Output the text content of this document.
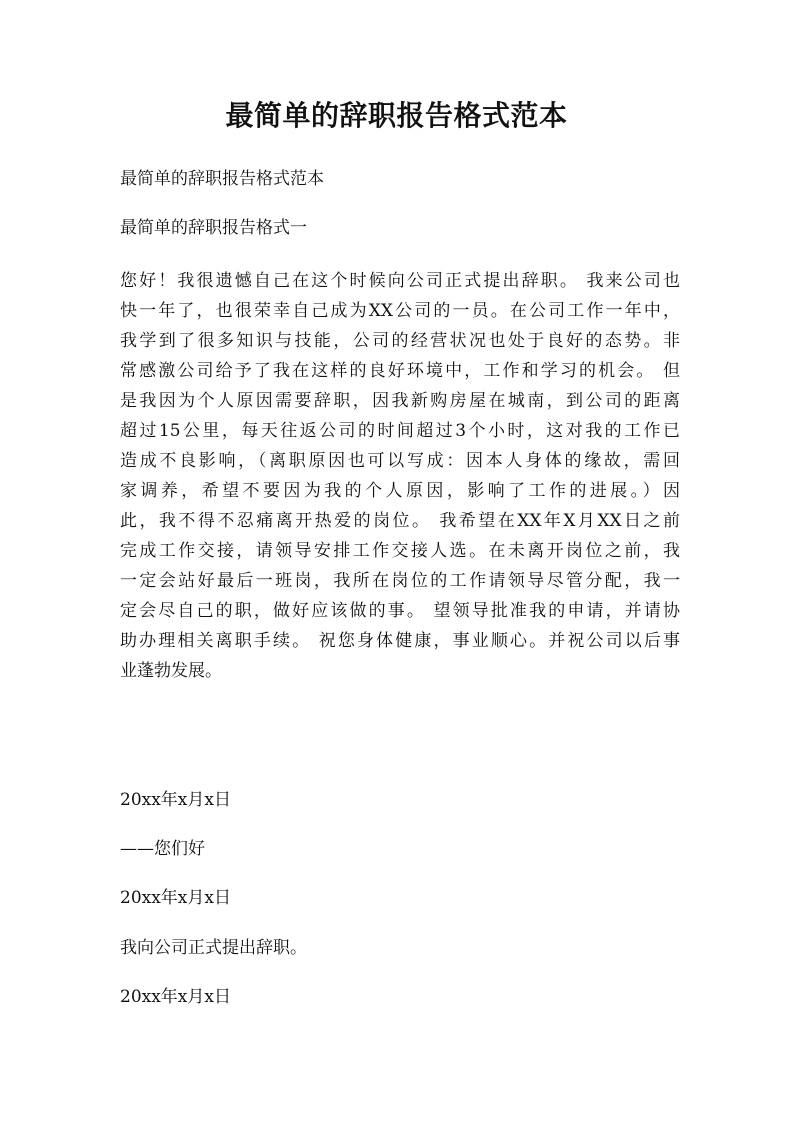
最简单的辞职报告格式范本

最简单的辞职报告格式范本

最简单的辞职报告格式一

您好！我很遗憾自己在这个时候向公司正式提出辞职。 我来公司也
快一年了，也很荣幸自己成为XX公司的一员。在公司工作一年中，
我学到了很多知识与技能，公司的经营状况也处于良好的态势。非
常感激公司给予了我在这样的良好环境中，工作和学习的机会。 但
是我因为个人原因需要辞职，因我新购房屋在城南，到公司的距离
超过15公里，每天往返公司的时间超过3个小时，这对我的工作已
造成不良影响，（离职原因也可以写成：因本人身体的缘故，需回
家调养，希望不要因为我的个人原因，影响了工作的进展。）因
此，我不得不忍痛离开热爱的岗位。 我希望在XX年X月XX日之前
完成工作交接，请领导安排工作交接人选。在未离开岗位之前，我
一定会站好最后一班岗，我所在岗位的工作请领导尽管分配，我一
定会尽自己的职，做好应该做的事。 望领导批准我的申请，并请协
助办理相关离职手续。 祝您身体健康，事业顺心。并祝公司以后事
业蓬勃发展。

20xx年x月x日

——您们好

20xx年x月x日

我向公司正式提出辞职。

20xx年x月x日
